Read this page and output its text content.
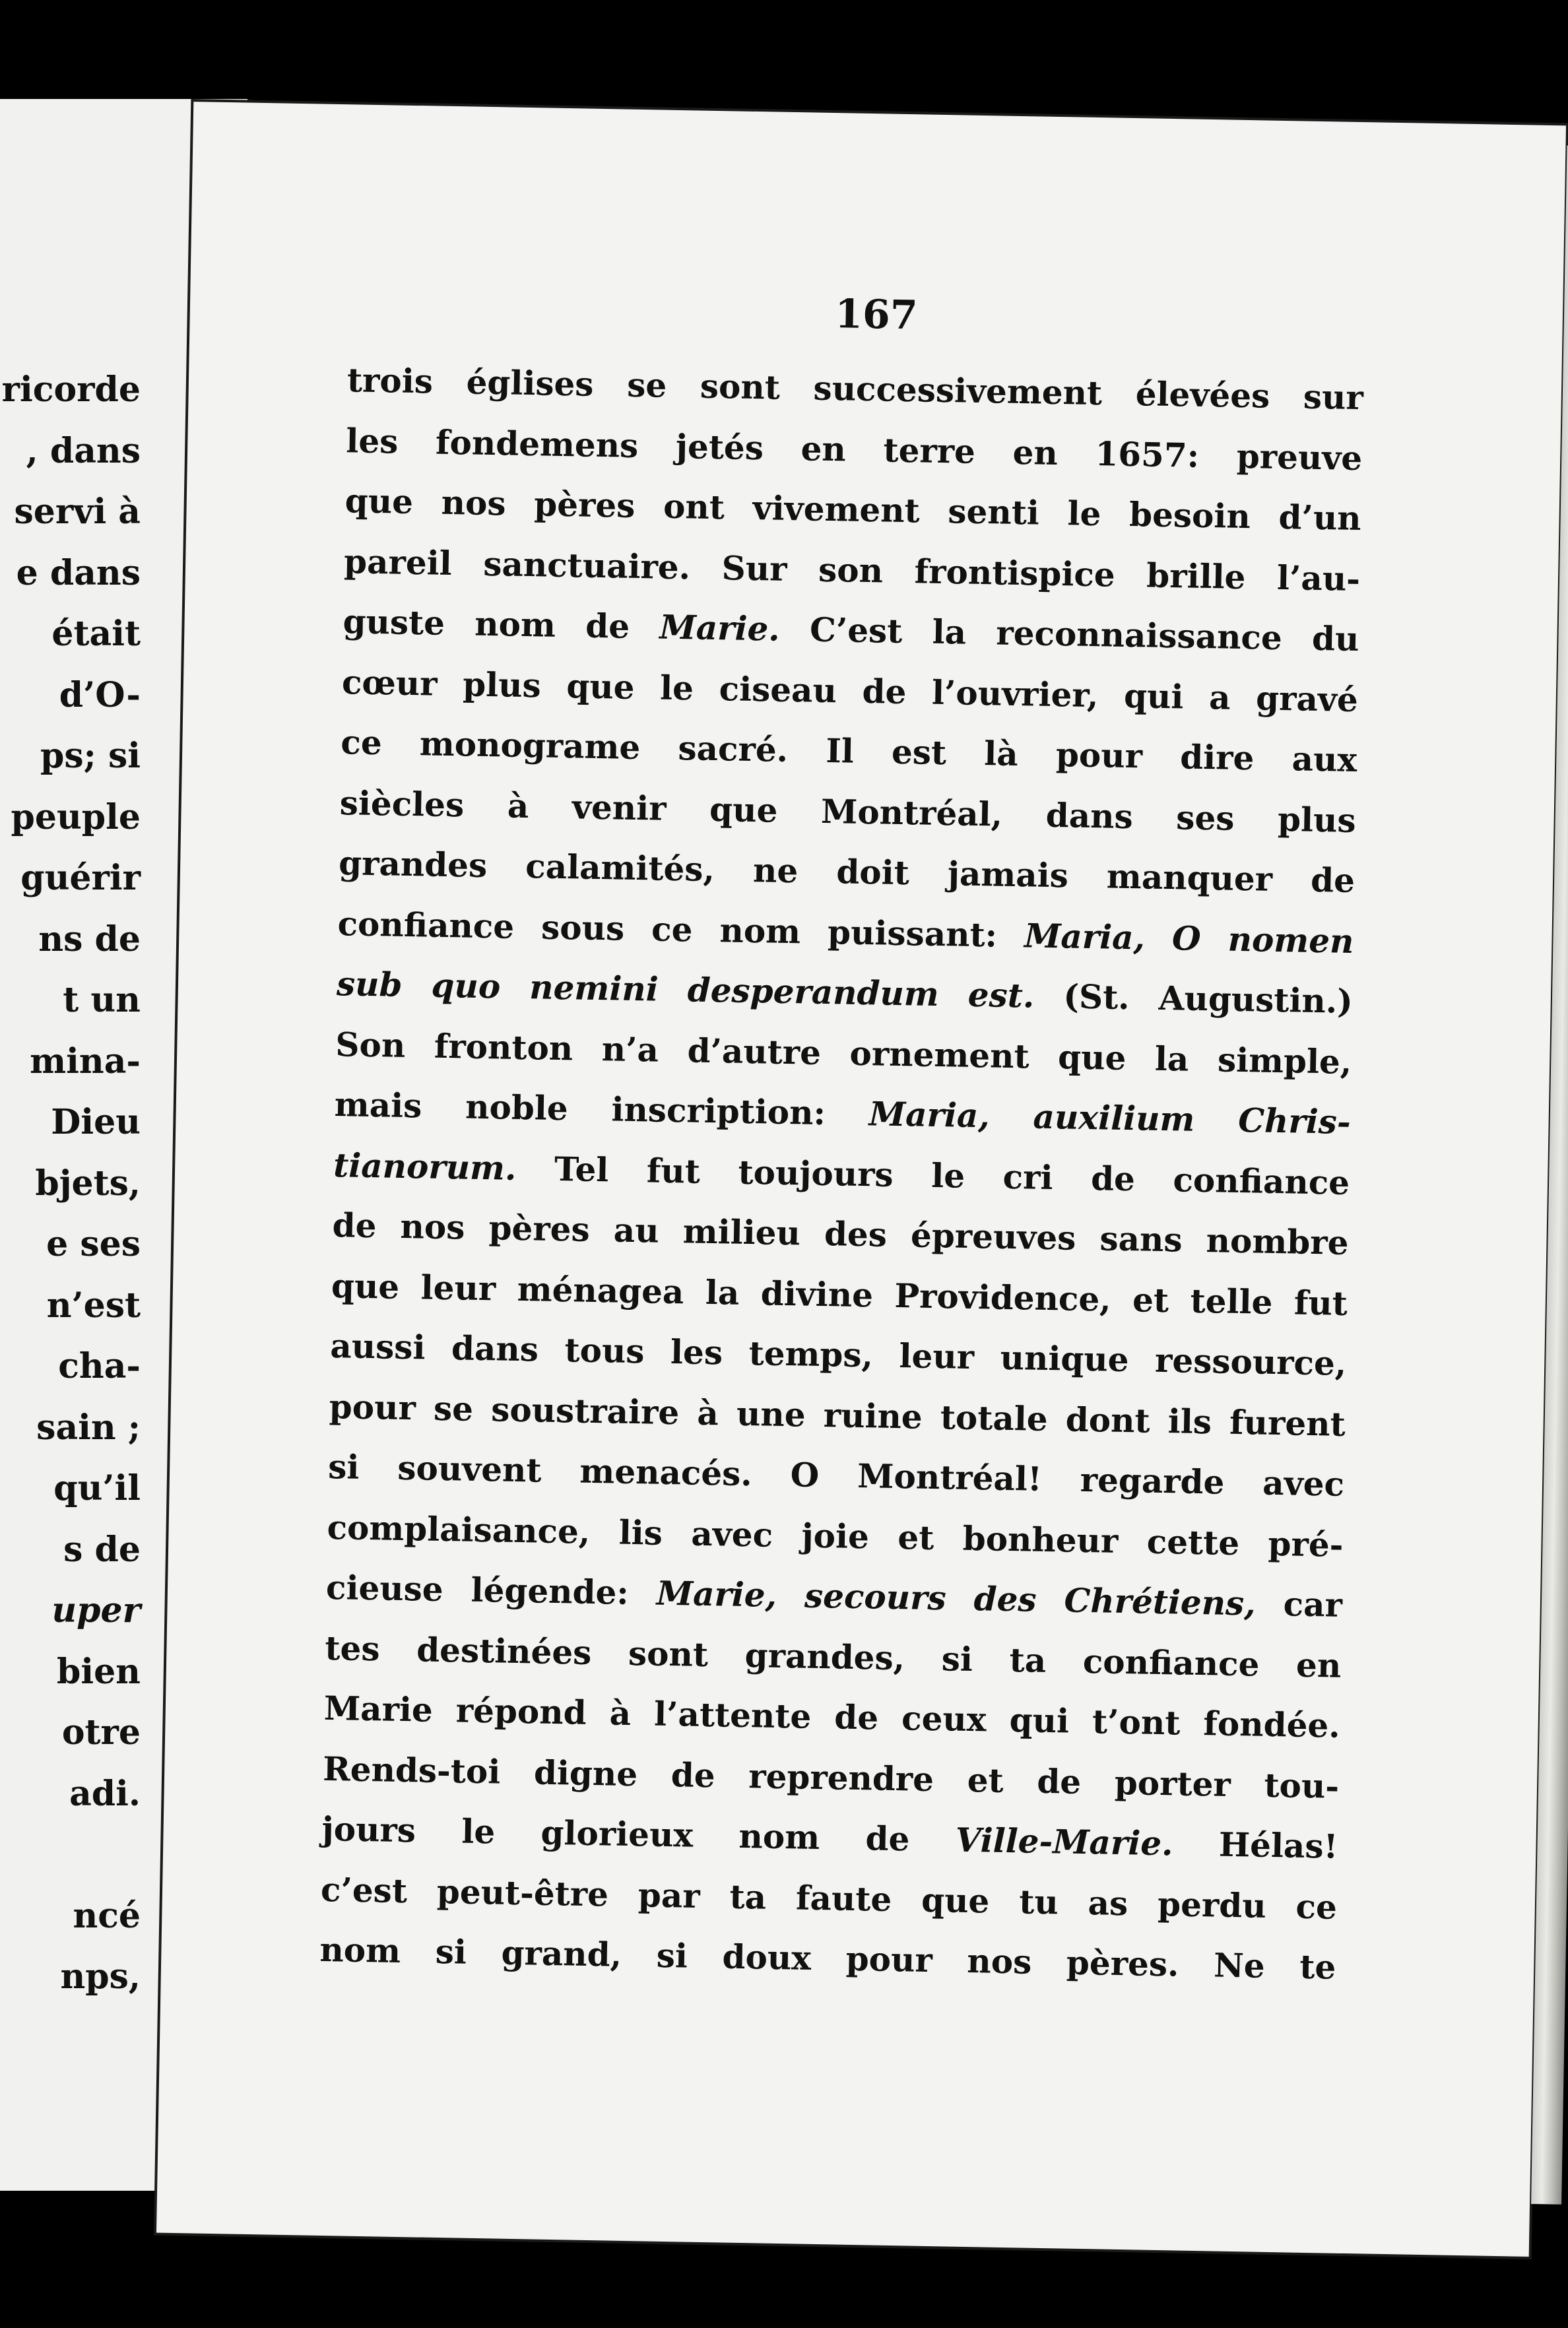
ricorde
, dans
servi à
e dans
était
d’O-
ps; si
peuple
guérir
ns de
t un
mina-
Dieu
bjets,
e ses
n’est
cha-
sain ;
qu’il
s de
uper
bien
otre
adi.

ncé
nps,
167
trois églises se sont successivement élevées sur
les fondemens jetés en terre en 1657: preuve
que nos pères ont vivement senti le besoin d’un
pareil sanctuaire. Sur son frontispice brille l’au-
guste nom de Marie. C’est la reconnaissance du
cœur plus que le ciseau de l’ouvrier, qui a gravé
ce monograme sacré. Il est là pour dire aux
siècles à venir que Montréal, dans ses plus
grandes calamités, ne doit jamais manquer de
confiance sous ce nom puissant: Maria, O nomen
sub quo nemini desperandum est. (St. Augustin.)
Son fronton n’a d’autre ornement que la simple,
mais noble inscription: Maria, auxilium Chris-
tianorum. Tel fut toujours le cri de confiance
de nos pères au milieu des épreuves sans nombre
que leur ménagea la divine Providence, et telle fut
aussi dans tous les temps, leur unique ressource,
pour se soustraire à une ruine totale dont ils furent
si souvent menacés. O Montréal! regarde avec
complaisance, lis avec joie et bonheur cette pré-
cieuse légende: Marie, secours des Chrétiens, car
tes destinées sont grandes, si ta confiance en
Marie répond à l’attente de ceux qui t’ont fondée.
Rends-toi digne de reprendre et de porter tou-
jours le glorieux nom de Ville-Marie. Hélas!
c’est peut-être par ta faute que tu as perdu ce
nom si grand, si doux pour nos pères. Ne te
